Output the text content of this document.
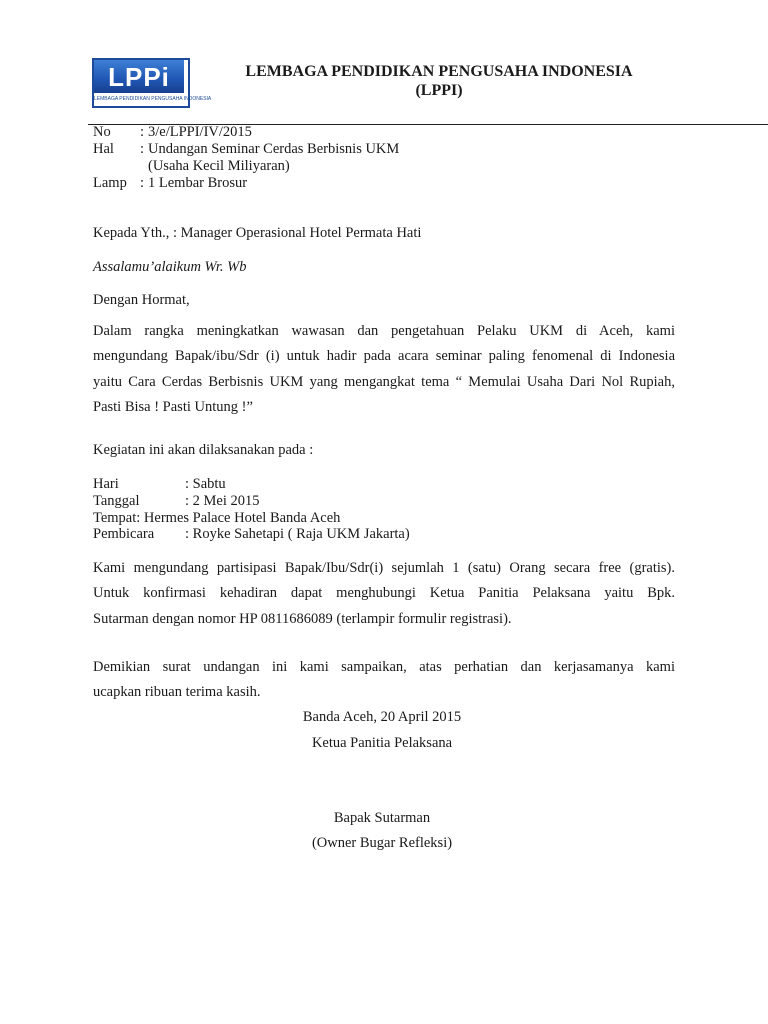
LPPi
LEMBAGA PENDIDIKAN PENGUSAHA INDONESIA
LEMBAGA PENDIDIKAN PENGUSAHA INDONESIA
(LPPI)
No : 3/e/LPPI/IV/2015
Hal : Undangan Seminar Cerdas Berbisnis UKM
(Usaha Kecil Miliyaran)
Lamp : 1 Lembar Brosur
Kepada Yth., : Manager Operasional Hotel Permata Hati
Assalamu’alaikum Wr. Wb
Dengan Hormat,
Dalam rangka meningkatkan wawasan dan pengetahuan Pelaku UKM di Aceh, kami
mengundang Bapak/ibu/Sdr (i) untuk hadir pada acara seminar paling fenomenal di Indonesia
yaitu Cara Cerdas Berbisnis UKM yang mengangkat tema “ Memulai Usaha Dari Nol Rupiah,
Pasti Bisa ! Pasti Untung !”
Kegiatan ini akan dilaksanakan pada :
Hari	: Sabtu
Tanggal	: 2 Mei 2015
Tempat: Hermes Palace Hotel Banda Aceh
Pembicara : Royke Sahetapi ( Raja UKM Jakarta)
Kami mengundang partisipasi Bapak/Ibu/Sdr(i) sejumlah 1 (satu) Orang secara free (gratis).
Untuk konfirmasi kehadiran dapat menghubungi Ketua Panitia Pelaksana yaitu Bpk.
Sutarman dengan nomor HP 0811686089 (terlampir formulir registrasi).
Demikian surat undangan ini kami sampaikan, atas perhatian dan kerjasamanya kami
ucapkan ribuan terima kasih.
Banda Aceh, 20 April 2015
Ketua Panitia Pelaksana
Bapak Sutarman
(Owner Bugar Refleksi)
